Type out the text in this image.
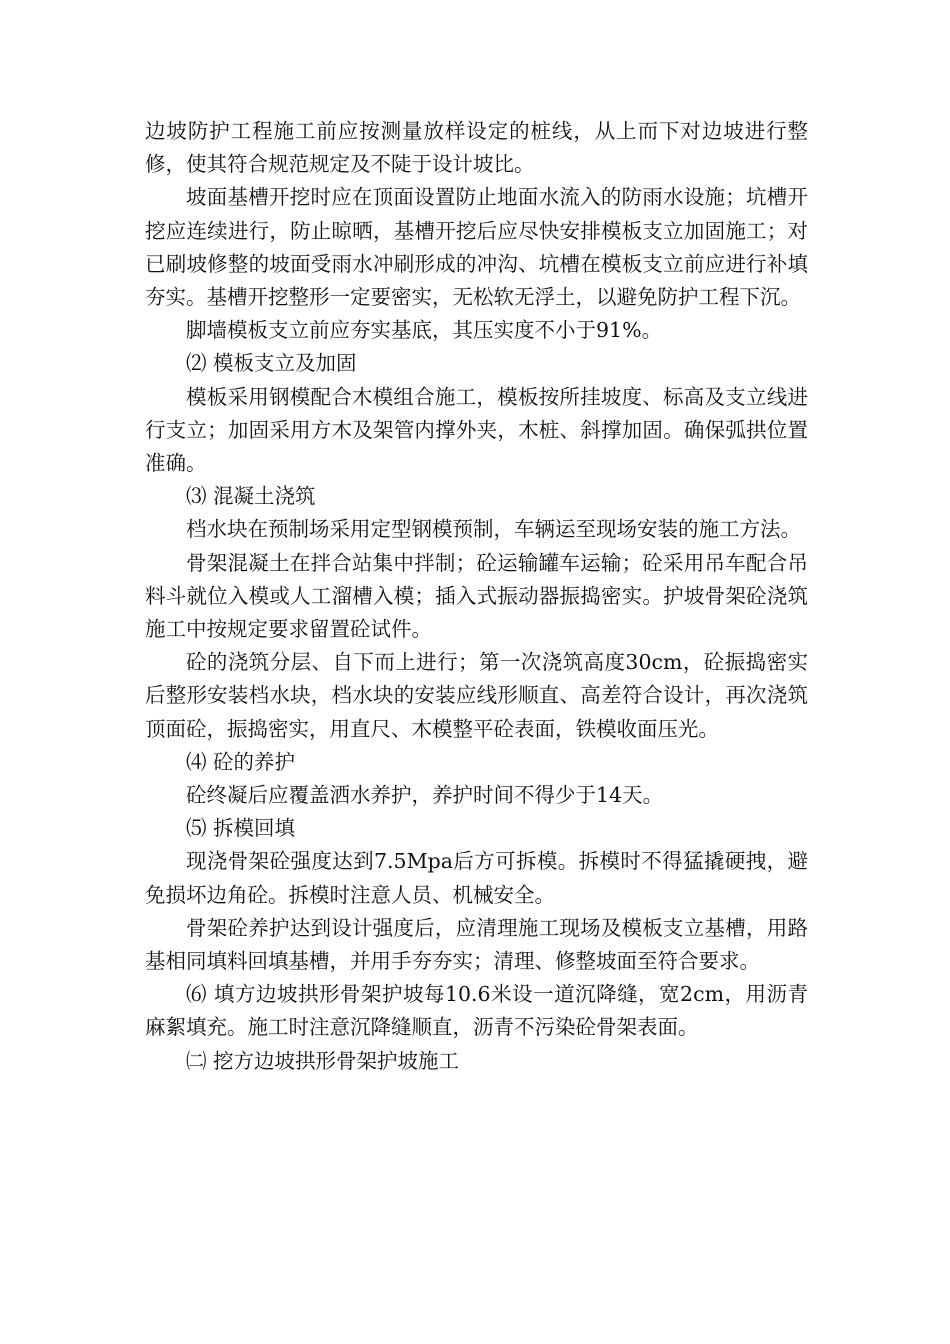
边坡防护工程施工前应按测量放样设定的桩线，从上而下对边坡进行整修，使其符合规范规定及不陡于设计坡比。

坡面基槽开挖时应在顶面设置防止地面水流入的防雨水设施；坑槽开挖应连续进行，防止晾晒，基槽开挖后应尽快安排模板支立加固施工；对已刷坡修整的坡面受雨水冲刷形成的冲沟、坑槽在模板支立前应进行补填夯实。基槽开挖整形一定要密实，无松软无浮土，以避免防护工程下沉。

脚墙模板支立前应夯实基底，其压实度不小于91%。

⑵ 模板支立及加固

模板采用钢模配合木模组合施工，模板按所挂坡度、标高及支立线进行支立；加固采用方木及架管内撑外夹，木桩、斜撑加固。确保弧拱位置准确。

⑶ 混凝土浇筑

档水块在预制场采用定型钢模预制，车辆运至现场安装的施工方法。

骨架混凝土在拌合站集中拌制；砼运输罐车运输；砼采用吊车配合吊料斗就位入模或人工溜槽入模；插入式振动器振捣密实。护坡骨架砼浇筑施工中按规定要求留置砼试件。

砼的浇筑分层、自下而上进行；第一次浇筑高度30cm，砼振捣密实后整形安装档水块，档水块的安装应线形顺直、高差符合设计，再次浇筑顶面砼，振捣密实，用直尺、木模整平砼表面，铁模收面压光。

⑷ 砼的养护

砼终凝后应覆盖洒水养护，养护时间不得少于14天。

⑸ 拆模回填

现浇骨架砼强度达到7.5Mpa后方可拆模。拆模时不得猛撬硬拽，避免损坏边角砼。拆模时注意人员、机械安全。

骨架砼养护达到设计强度后，应清理施工现场及模板支立基槽，用路基相同填料回填基槽，并用手夯夯实；清理、修整坡面至符合要求。

⑹ 填方边坡拱形骨架护坡每10.6米设一道沉降缝，宽2cm，用沥青麻絮填充。施工时注意沉降缝顺直，沥青不污染砼骨架表面。

㈡ 挖方边坡拱形骨架护坡施工
